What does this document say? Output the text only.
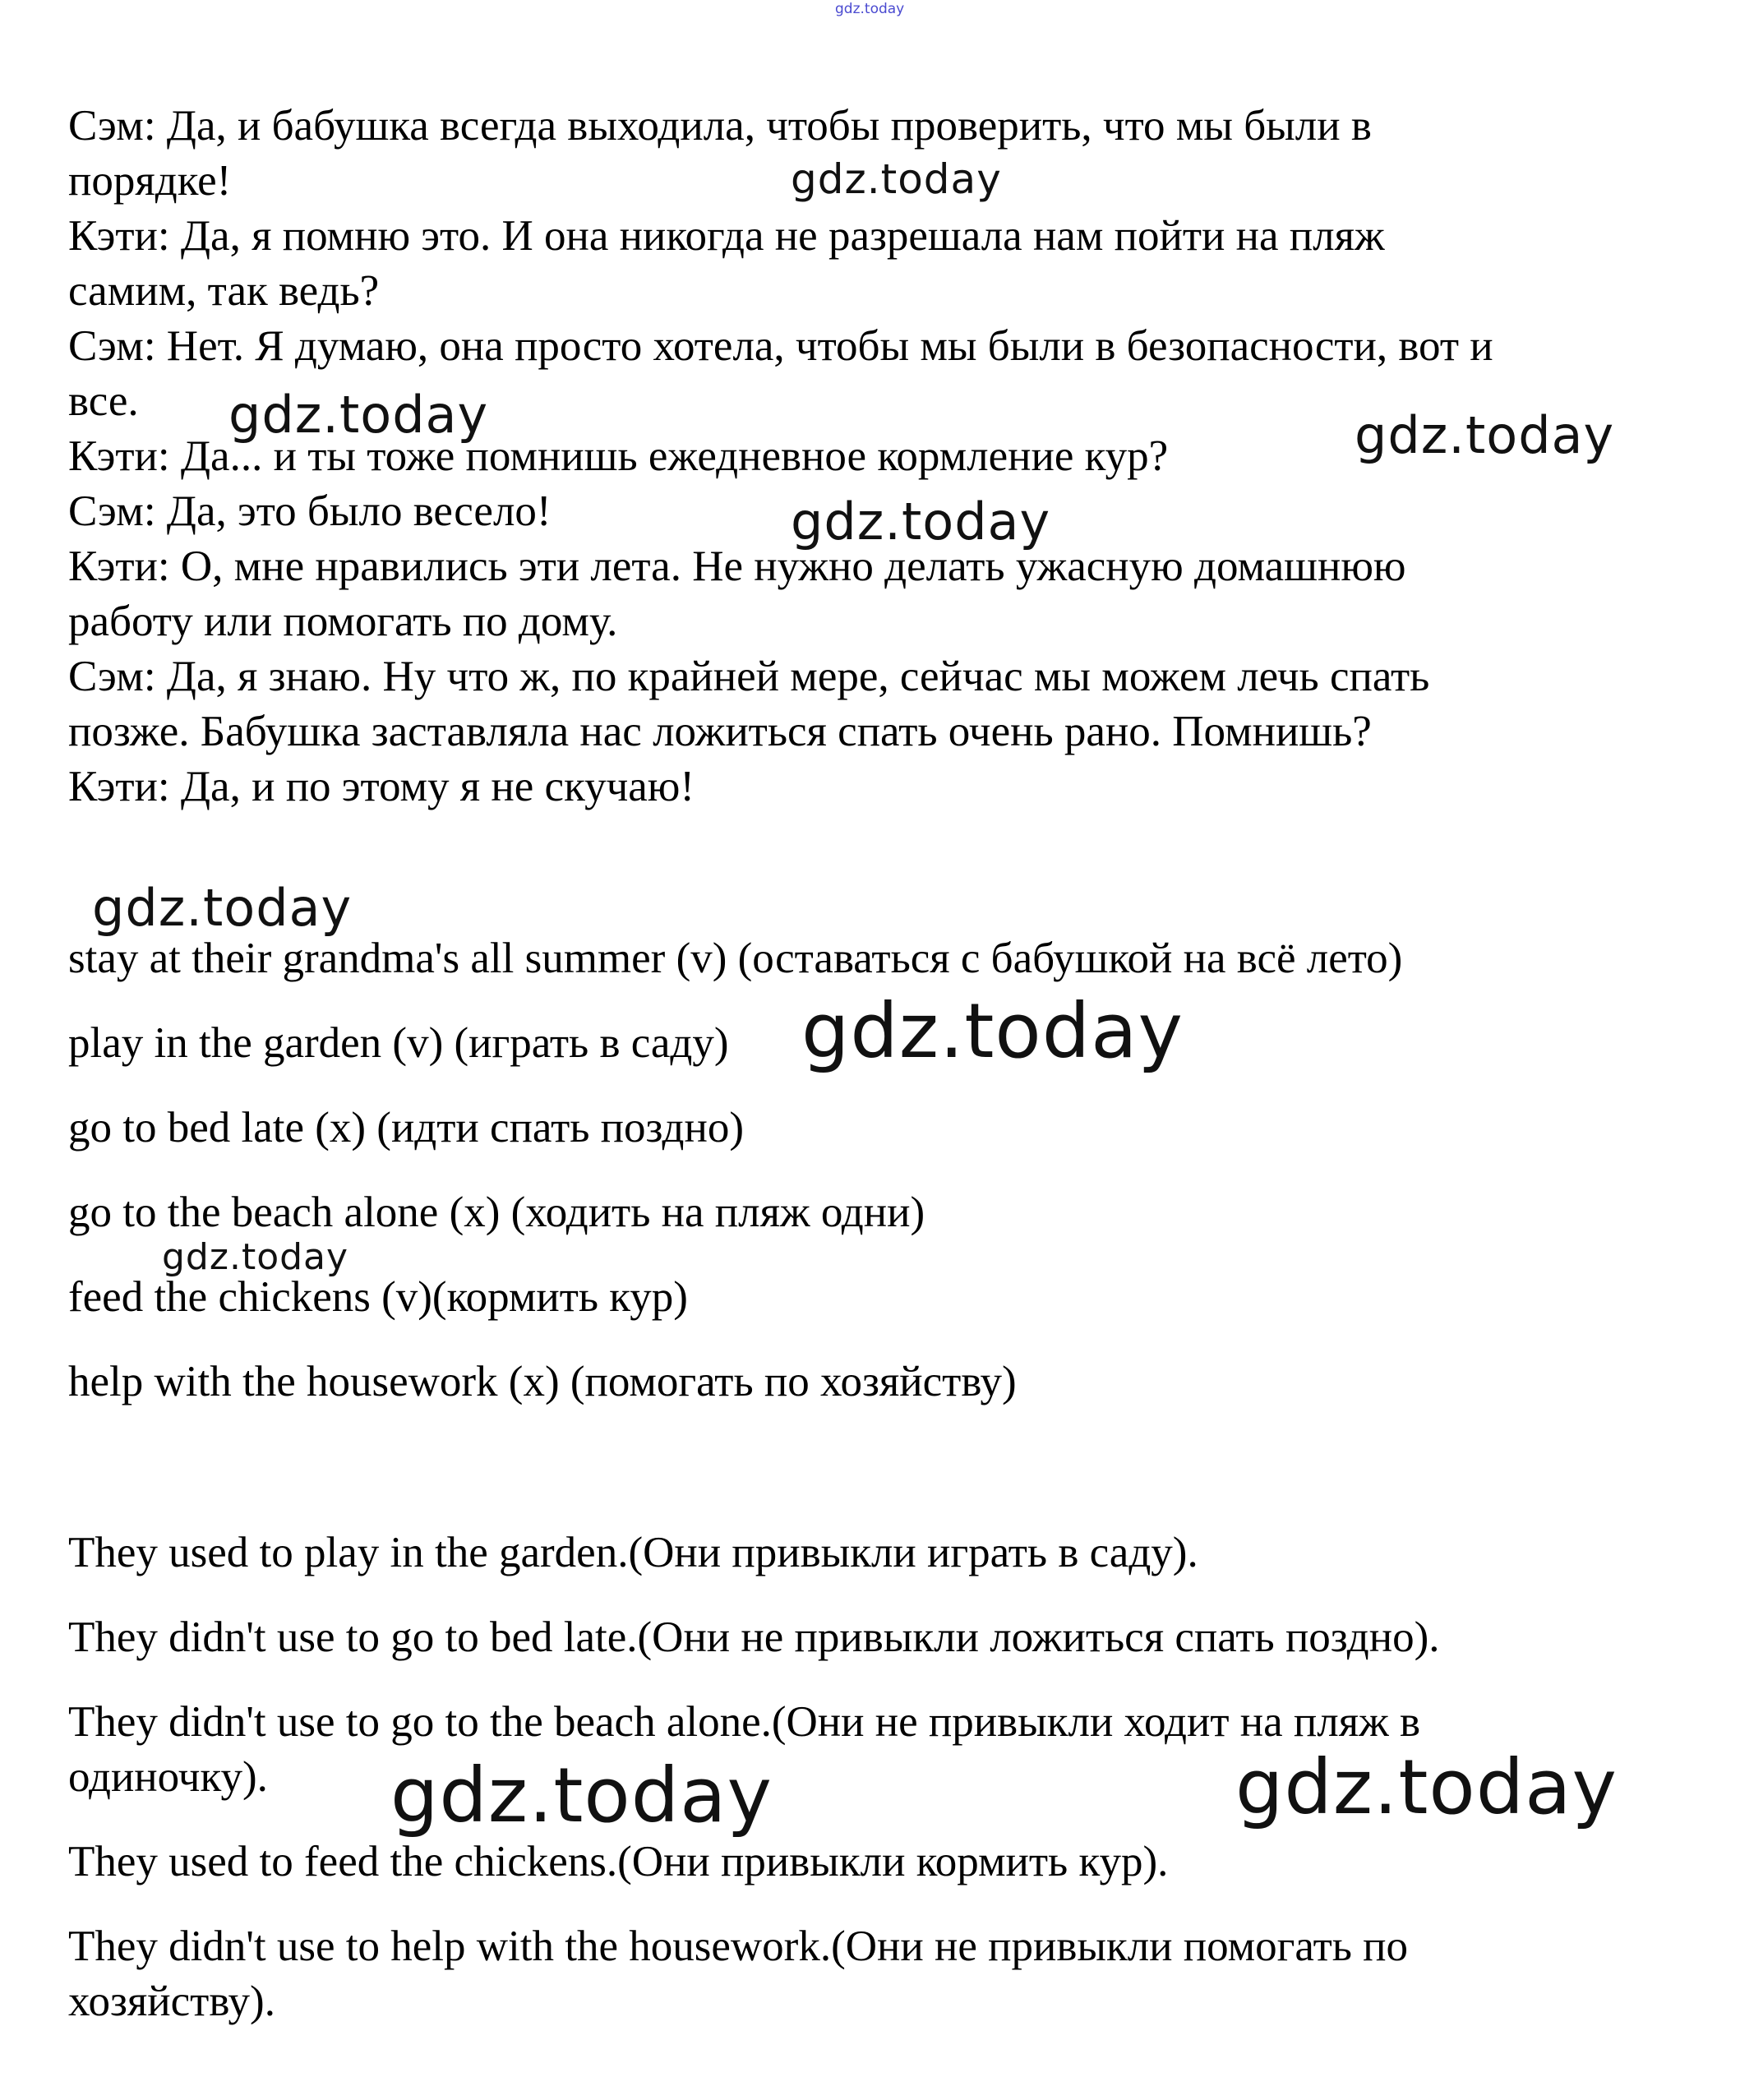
gdz.today
Сэм: Да, и бабушка всегда выходила, чтобы проверить, что мы были в
порядке!
Кэти: Да, я помню это. И она никогда не разрешала нам пойти на пляж
самим, так ведь?
Сэм: Нет. Я думаю, она просто хотела, чтобы мы были в безопасности, вот и
все.
Кэти: Да... и ты тоже помнишь ежедневное кормление кур?
Сэм: Да, это было весело!
Кэти: О, мне нравились эти лета. Не нужно делать ужасную домашнюю
работу или помогать по дому.
Сэм: Да, я знаю. Ну что ж, по крайней мере, сейчас мы можем лечь спать
позже. Бабушка заставляла нас ложиться спать очень рано. Помнишь?
Кэти: Да, и по этому я не скучаю!
stay at their grandma's all summer (v) (оставаться с бабушкой на всё лето)
play in the garden (v) (играть в саду)
go to bed late (x) (идти спать поздно)
go to the beach alone (x) (ходить на пляж одни)
feed the chickens (v)(кормить кур)
help with the housework (x) (помогать по хозяйству)
They used to play in the garden.(Они привыкли играть в саду).
They didn't use to go to bed late.(Они не привыкли ложиться спать поздно).
They didn't use to go to the beach alone.(Они не привыкли ходит на пляж в
одиночку).
They used to feed the chickens.(Они привыкли кормить кур).
They didn't use to help with the housework.(Они не привыкли помогать по
хозяйству).
gdz.today
gdz.today	gdz.today
gdz.today
gdz.today
gdz.today
gdz.today
gdz.today	gdz.today
